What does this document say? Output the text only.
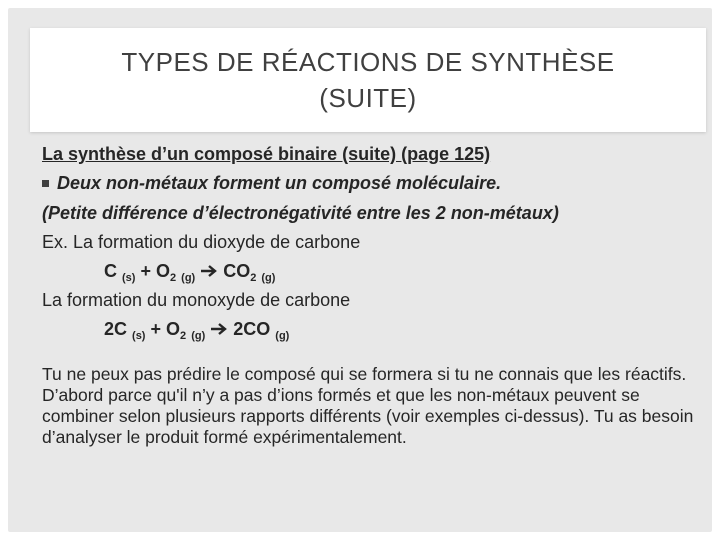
TYPES DE RÉACTIONS DE SYNTHÈSE
(SUITE)
La synthèse d’un composé binaire (suite) (page 125)
Deux non-métaux forment un composé moléculaire.
(Petite différence d’électronégativité entre les 2 non-métaux)
Ex. La formation du dioxyde de carbone
C $_{(s)} + O_2$ $_{(g)}$ $CO_2$ $_{(g)}$
La formation du monoxyde de carbone
2C $_{(s)} + O_2$ $_{(g)}$ 2CO $_{(g)}$
Tu ne peux pas prédire le composé qui se formera si tu ne connais que les réactifs. D’abord parce qu'il n’y a pas d’ions formés et que les non-métaux peuvent se combiner selon plusieurs rapports différents (voir exemples ci-dessus). Tu as besoin d’analyser le produit formé expérimentalement.
